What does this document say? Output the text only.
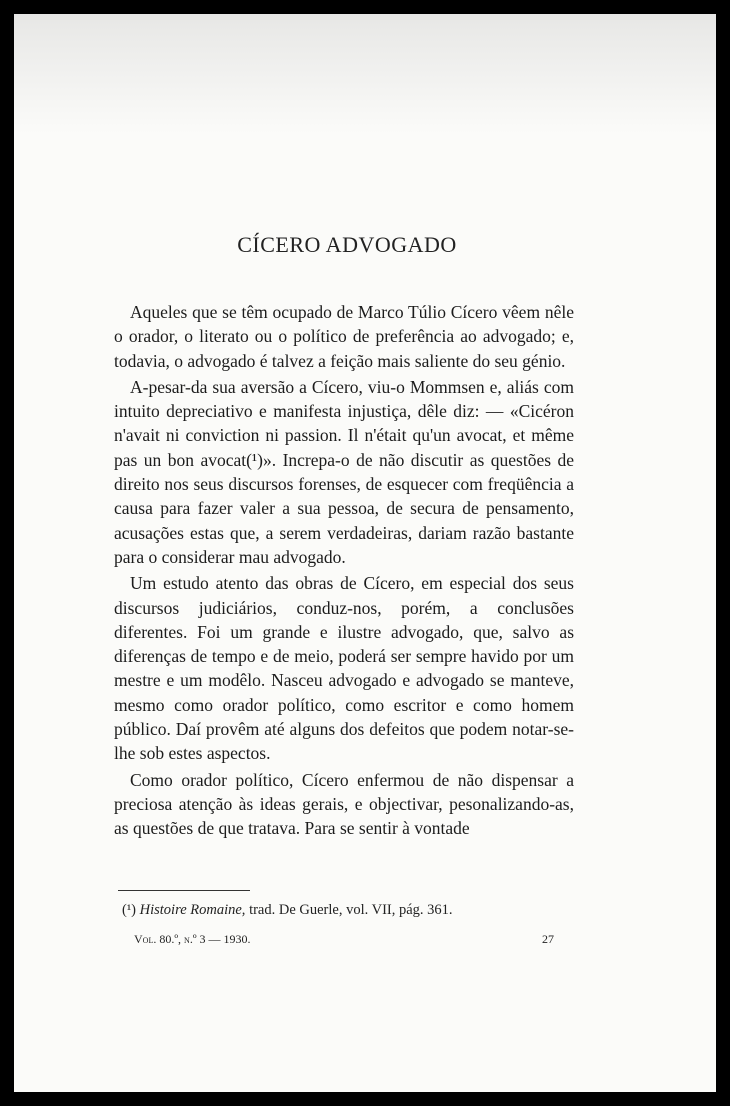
CÍCERO ADVOGADO

Aqueles que se têm ocupado de Marco Túlio Cícero vêem nêle o orador, o literato ou o político de preferência ao advogado; e, todavia, o advogado é talvez a feição mais saliente do seu génio.

A-pesar-da sua aversão a Cícero, viu-o Mommsen e, aliás com intuito depreciativo e manifesta injustiça, dêle diz: — «Cicéron n'avait ni conviction ni passion. Il n'était qu'un avocat, et même pas un bon avocat(¹)». Increpa-o de não discutir as questões de direito nos seus discursos forenses, de esquecer com freqüência a causa para fazer valer a sua pessoa, de secura de pensamento, acusações estas que, a serem verdadeiras, dariam razão bastante para o considerar mau advogado.

Um estudo atento das obras de Cícero, em especial dos seus discursos judiciários, conduz-nos, porém, a conclusões diferentes. Foi um grande e ilustre advogado, que, salvo as diferenças de tempo e de meio, poderá ser sempre havido por um mestre e um modêlo. Nasceu advogado e advogado se manteve, mesmo como orador político, como escritor e como homem público. Daí provêm até alguns dos defeitos que podem notar-se-lhe sob estes aspectos.

Como orador político, Cícero enfermou de não dispensar a preciosa atenção às ideas gerais, e objectivar, pesonalizando-as, as questões de que tratava. Para se sentir à vontade

(¹) Histoire Romaine, trad. De Guerle, vol. VII, pág. 361.
Vol. 80.º, n.º 3 — 1930.	27
